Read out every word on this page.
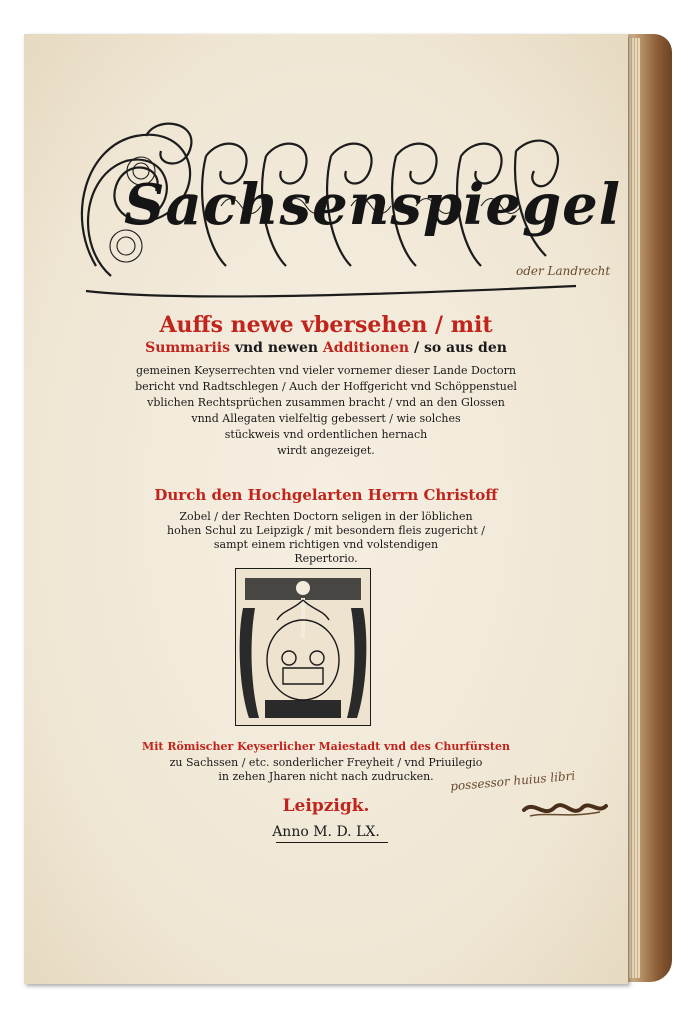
Sachsenspiegel
oder Landrecht
Auffs newe vbersehen / mit
Summariis vnd newen Additionen / so aus den
gemeinen Keyserrechten vnd vieler vornemer dieser Lande Doctorn
bericht vnd Radtschlegen / Auch der Hoffgericht vnd Schöppenstuel
vblichen Rechtsprüchen zusammen bracht / vnd an den Glossen
vnnd Allegaten vielfeltig gebessert / wie solches
stückweis vnd ordentlichen hernach
wirdt angezeiget.
Durch den Hochgelarten Herrn Christoff
Zobel / der Rechten Doctorn seligen in der löblichen
hohen Schul zu Leipzigk / mit besondern fleis zugericht /
sampt einem richtigen vnd volstendigen
Repertorio.
Mit Römischer Keyserlicher Maiestadt vnd des Churfürsten
zu Sachssen / etc. sonderlicher Freyheit / vnd Priuilegio
in zehen Jharen nicht nach zudrucken.	possessor huius libri
Leipzigk.
Anno M. D. LX.
